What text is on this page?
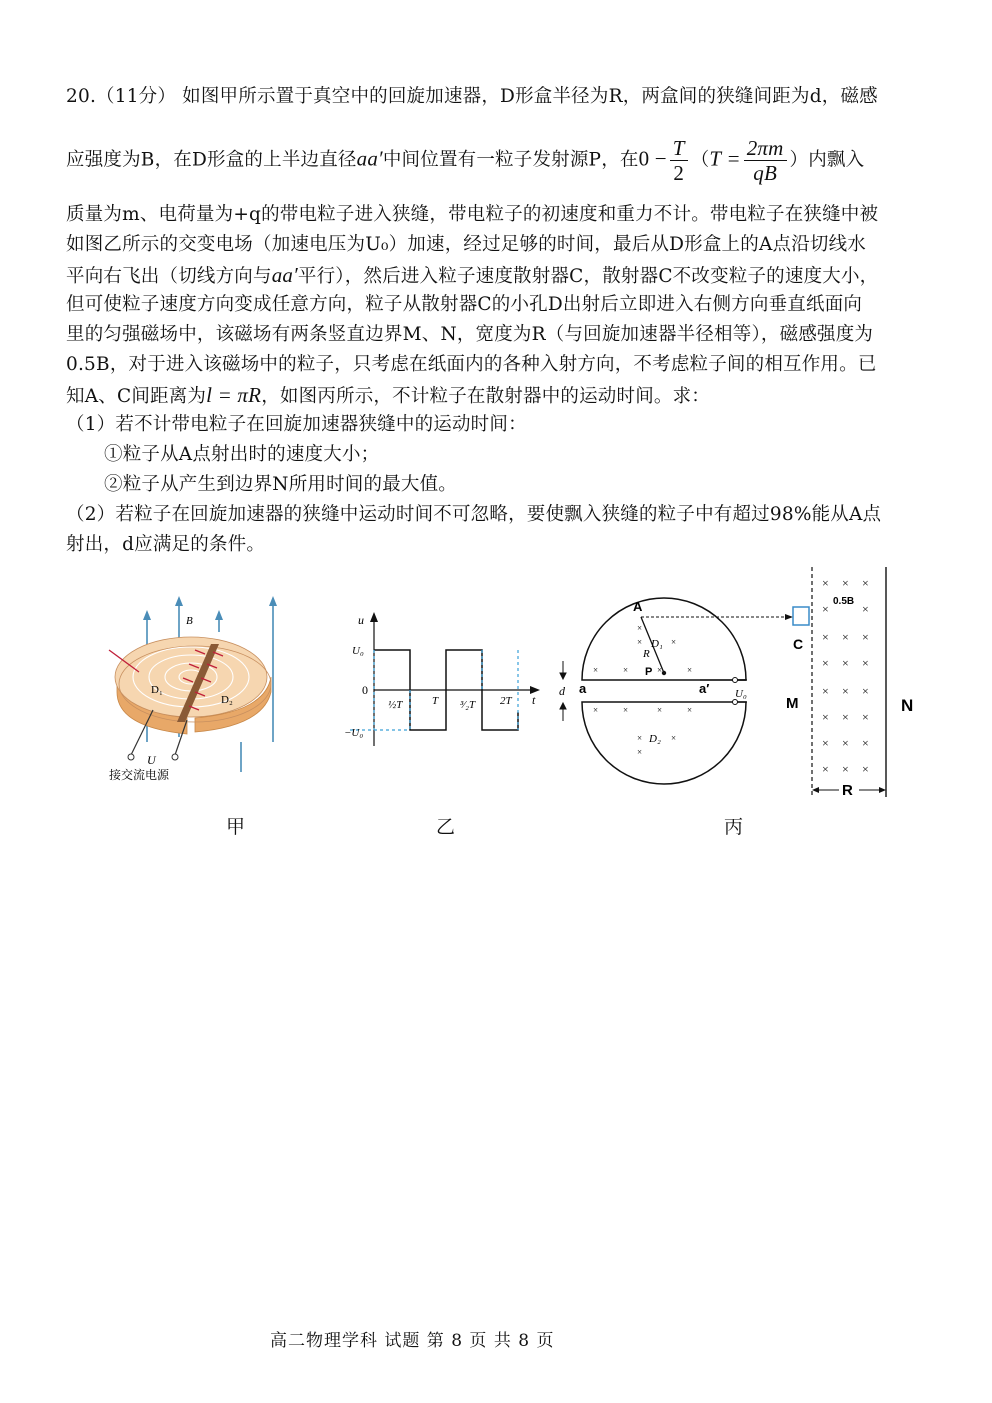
20.（11分） 如图甲所示置于真空中的回旋加速器，D形盒半径为R，两盒间的狭缝间距为d，磁感
应强度为B，在D形盒的上半边直径aa′中间位置有一粒子发射源P，在$0 - \frac{T}{2} (T = \frac{2\pi m}{qB}$ ）内飘入
质量为m、电荷量为+q的带电粒子进入狭缝，带电粒子的初速度和重力不计。带电粒子在狭缝中被
如图乙所示的交变电场（加速电压为U₀）加速，经过足够的时间，最后从D形盒上的A点沿切线水
平向右飞出（切线方向与aa′平行），然后进入粒子速度散射器C，散射器C不改变粒子的速度大小，
但可使粒子速度方向变成任意方向，粒子从散射器C的小孔D出射后立即进入右侧方向垂直纸面向
里的匀强磁场中，该磁场有两条竖直边界M、N，宽度为R（与回旋加速器半径相等），磁感强度为
0.5B，对于进入该磁场中的粒子，只考虑在纸面内的各种入射方向，不考虑粒子间的相互作用。已
知A、C间距离为l = πR，如图丙所示，不计粒子在散射器中的运动时间。求：
（1）若不计带电粒子在回旋加速器狭缝中的运动时间：
①粒子从A点射出时的速度大小；
②粒子从产生到边界N所用时间的最大值。
（2）若粒子在回旋加速器的狭缝中运动时间不可忽略，要使飘入狭缝的粒子中有超过98%能从A点
射出，d应满足的条件。
B
D₁
D₂
U
接交流电源
u
t
0
U₀
−U₀
½T	T ³⁄₂T 2T
d a	a′ U₀
A
R
P
D₁
D₂
×
×	×
×	×	×	×
×	×	×	×
×	×
×
C
M	N
0.5B
× × ×
×	×
× × ×
× × ×
× × ×
× × ×
× × ×
× × ×
R
甲	乙	丙
高二物理学科 试题 第 8 页 共 8 页
